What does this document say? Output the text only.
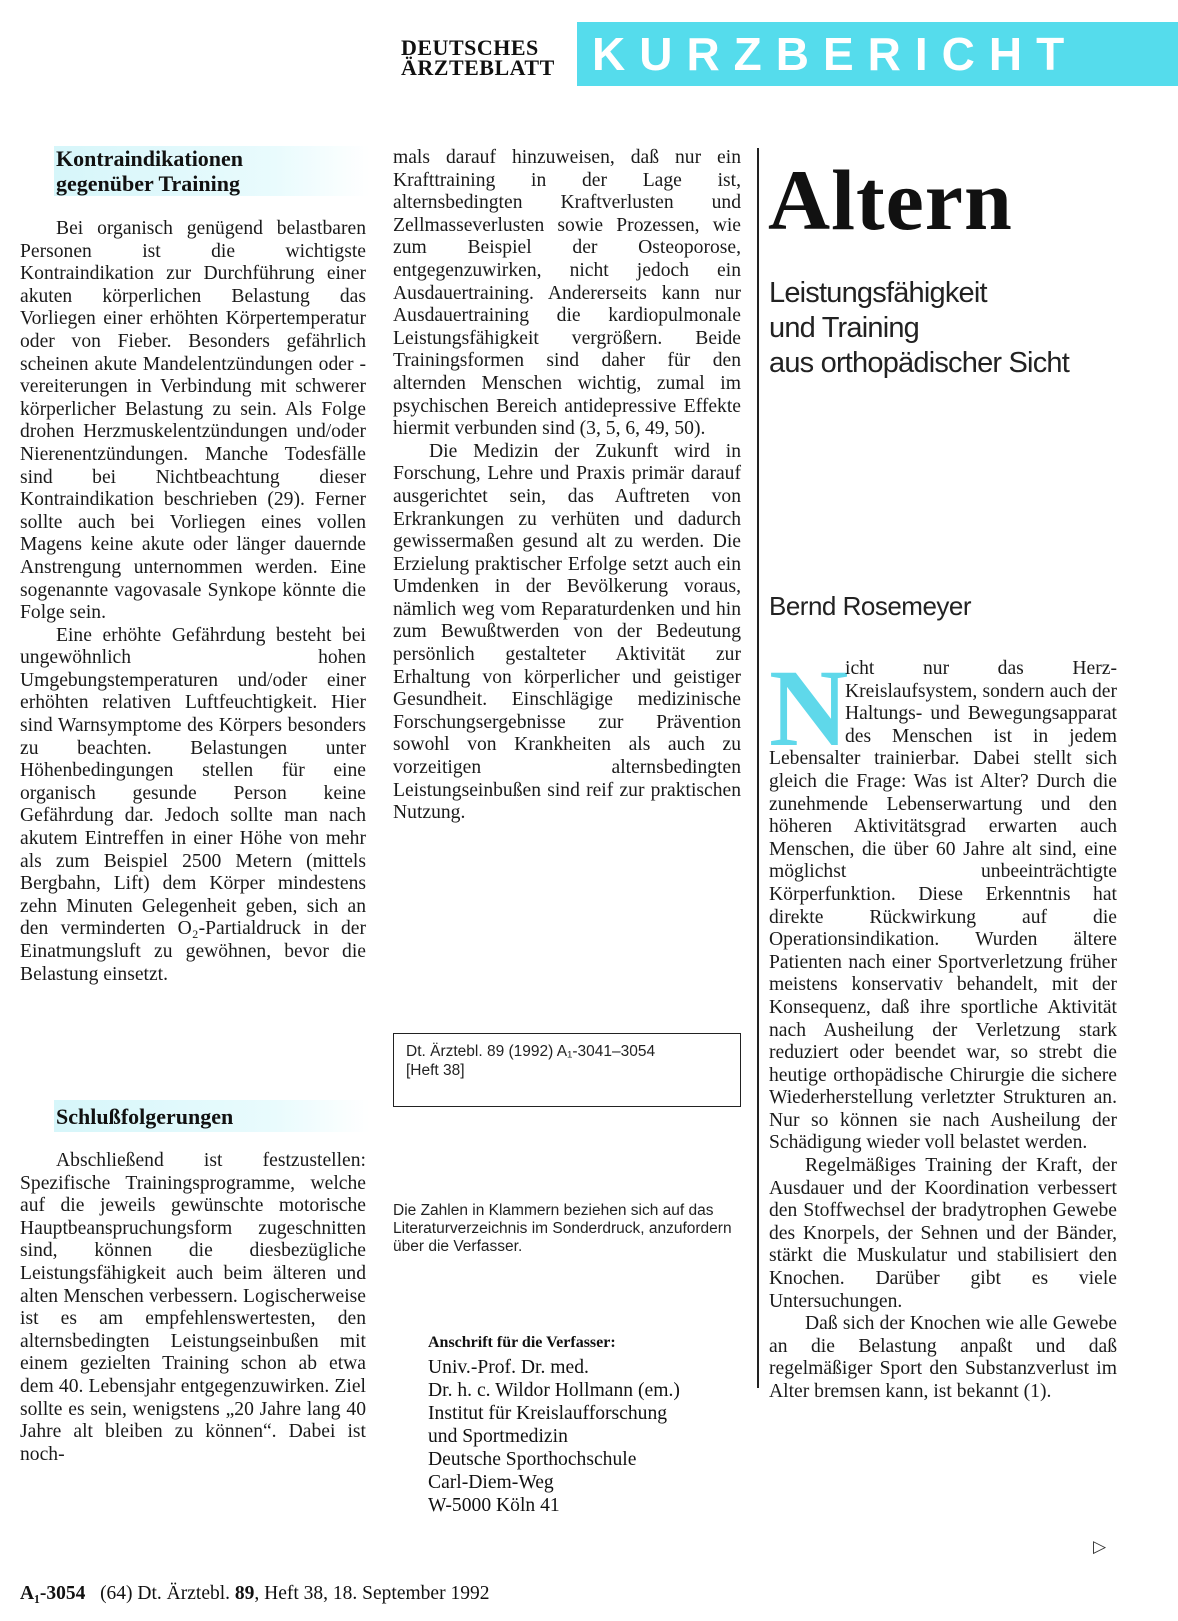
DEUTSCHES
ÄRZTEBLATT KURZBERICHT
Kontraindikationen
gegenüber Training

Bei organisch genügend belastbaren Personen ist die wichtigste Kontraindikation zur Durchführung einer akuten körperlichen Belastung das Vorliegen einer erhöhten Körpertemperatur oder von Fieber. Besonders gefährlich scheinen akute Mandelentzündungen oder -vereiterungen in Verbindung mit schwerer körperlicher Belastung zu sein. Als Folge drohen Herzmuskelentzündungen und/oder Nierenentzündungen. Manche Todesfälle sind bei Nichtbeachtung dieser Kontraindikation beschrieben (29). Ferner sollte auch bei Vorliegen eines vollen Magens keine akute oder länger dauernde Anstrengung unternommen werden. Eine sogenannte vagovasale Synkope könnte die Folge sein.

Eine erhöhte Gefährdung besteht bei ungewöhnlich hohen Umgebungstemperaturen und/oder einer erhöhten relativen Luftfeuchtigkeit. Hier sind Warnsymptome des Körpers besonders zu beachten. Belastungen unter Höhenbedingungen stellen für eine organisch gesunde Person keine Gefährdung dar. Jedoch sollte man nach akutem Eintreffen in einer Höhe von mehr als zum Beispiel 2500 Metern (mittels Bergbahn, Lift) dem Körper mindestens zehn Minuten Gelegenheit geben, sich an den verminderten O₂-Partialdruck in der Einatmungsluft zu gewöhnen, bevor die Belastung einsetzt.

Schlußfolgerungen

Abschließend ist festzustellen: Spezifische Trainingsprogramme, welche auf die jeweils gewünschte motorische Hauptbeanspruchungsform zugeschnitten sind, können die diesbezügliche Leistungsfähigkeit auch beim älteren und alten Menschen verbessern. Logischerweise ist es am empfehlenswertesten, den alternsbedingten Leistungseinbußen mit einem gezielten Training schon ab etwa dem 40. Lebensjahr entgegenzuwirken. Ziel sollte es sein, wenigstens „20 Jahre lang 40 Jahre alt bleiben zu können“. Dabei ist noch-

mals darauf hinzuweisen, daß nur ein Krafttraining in der Lage ist, alternsbedingten Kraftverlusten und Zellmasseverlusten sowie Prozessen, wie zum Beispiel der Osteoporose, entgegenzuwirken, nicht jedoch ein Ausdauertraining. Andererseits kann nur Ausdauertraining die kardiopulmonale Leistungsfähigkeit vergrößern. Beide Trainingsformen sind daher für den alternden Menschen wichtig, zumal im psychischen Bereich antidepressive Effekte hiermit verbunden sind (3, 5, 6, 49, 50).

Die Medizin der Zukunft wird in Forschung, Lehre und Praxis primär darauf ausgerichtet sein, das Auftreten von Erkrankungen zu verhüten und dadurch gewissermaßen gesund alt zu werden. Die Erzielung praktischer Erfolge setzt auch ein Umdenken in der Bevölkerung voraus, nämlich weg vom Reparaturdenken und hin zum Bewußtwerden von der Bedeutung persönlich gestalteter Aktivität zur Erhaltung von körperlicher und geistiger Gesundheit. Einschlägige medizinische Forschungsergebnisse zur Prävention sowohl von Krankheiten als auch zu vorzeitigen alternsbedingten Leistungseinbußen sind reif zur praktischen Nutzung.

Dt. Ärztebl. 89 (1992) A₁-3041–3054
[Heft 38]
Die Zahlen in Klammern beziehen sich auf das Literaturverzeichnis im Sonderdruck, anzufordern über die Verfasser.
Anschrift für die Verfasser:
Univ.-Prof. Dr. med.
Dr. h. c. Wildor Hollmann (em.)
Institut für Kreislaufforschung
und Sportmedizin
Deutsche Sporthochschule
Carl-Diem-Weg
W-5000 Köln 41
Altern
Leistungsfähigkeit
und Training
aus orthopädischer Sicht
Bernd Rosemeyer
N

icht nur das Herz-Kreislaufsystem, sondern auch der Haltungs- und Bewegungsapparat des Menschen ist in jedem Lebensalter trainierbar. Dabei stellt sich gleich die Frage: Was ist Alter? Durch die zunehmende Lebenserwartung und den höheren Aktivitätsgrad erwarten auch Menschen, die über 60 Jahre alt sind, eine möglichst unbeeinträchtigte Körperfunktion. Diese Erkenntnis hat direkte Rückwirkung auf die Operationsindikation. Wurden ältere Patienten nach einer Sportverletzung früher meistens konservativ behandelt, mit der Konsequenz, daß ihre sportliche Aktivität nach Ausheilung der Verletzung stark reduziert oder beendet war, so strebt die heutige orthopädische Chirurgie die sichere Wiederherstellung verletzter Strukturen an. Nur so können sie nach Ausheilung der Schädigung wieder voll belastet werden.

Regelmäßiges Training der Kraft, der Ausdauer und der Koordination verbessert den Stoffwechsel der bradytrophen Gewebe des Knorpels, der Sehnen und der Bänder, stärkt die Muskulatur und stabilisiert den Knochen. Darüber gibt es viele Untersuchungen.

Daß sich der Knochen wie alle Gewebe an die Belastung anpaßt und daß regelmäßiger Sport den Substanzverlust im Alter bremsen kann, ist bekannt (1).

▷
A₁-3054 (64) Dt. Ärztebl. 89, Heft 38, 18. September 1992
